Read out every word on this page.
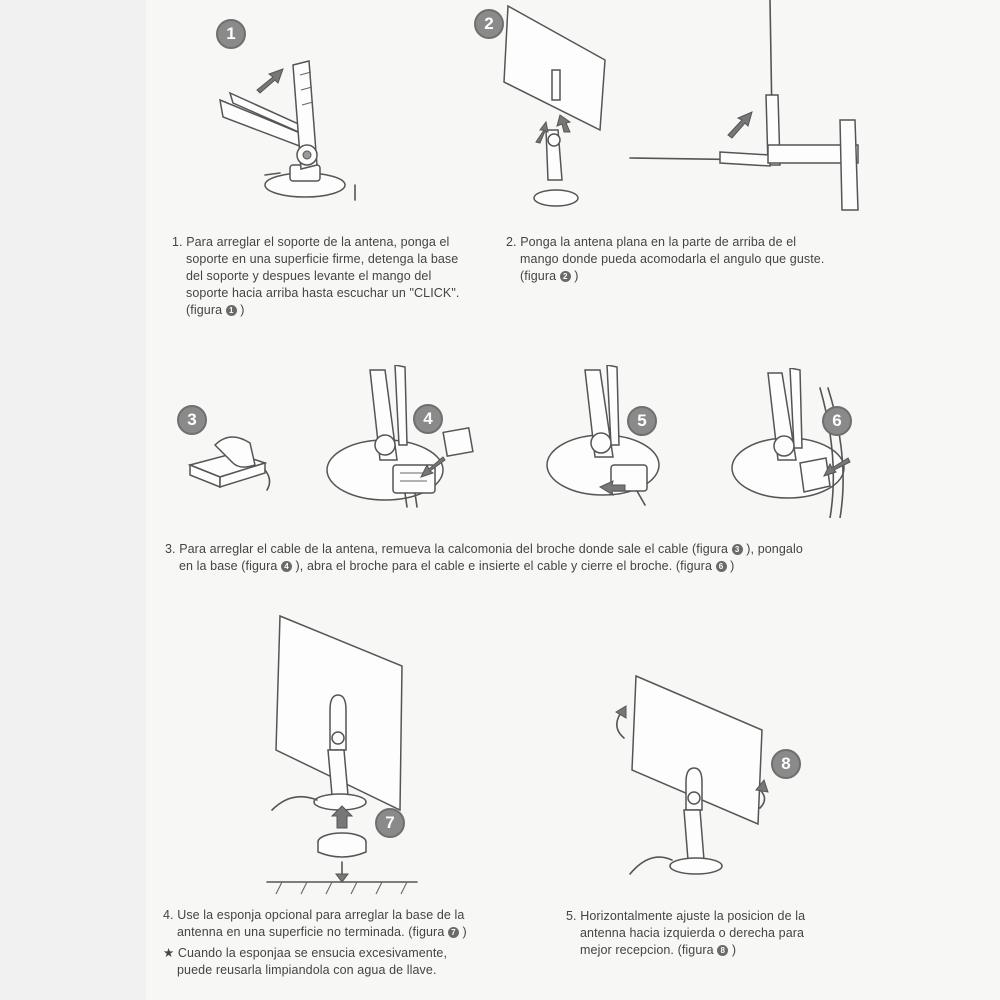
1
2
1. Para arreglar el soporte de la antena, ponga el
soporte en una superficie firme, detenga la base
del soporte y despues levante el mango del
soporte hacia arriba hasta escuchar un "CLICK".
(figura 1 )
2. Ponga la antena plana en la parte de arriba de el
mango donde pueda acomodarla el angulo que guste.
(figura 2 )
3	4	5	6
3. Para arreglar el cable de la antena, remueva la calcomonia del broche donde sale el cable (figura 3 ), pongalo
en la base (figura 4 ), abra el broche para el cable e insierte el cable y cierre el broche. (figura 6 )
7
8
4. Use la esponja opcional para arreglar la base de la
antenna en una superficie no terminada. (figura 7 )
★ Cuando la esponjaa se ensucia excesivamente,
puede reusarla limpiandola con agua de llave.
5. Horizontalmente ajuste la posicion de la
antenna hacia izquierda o derecha para
mejor recepcion. (figura 8 )
